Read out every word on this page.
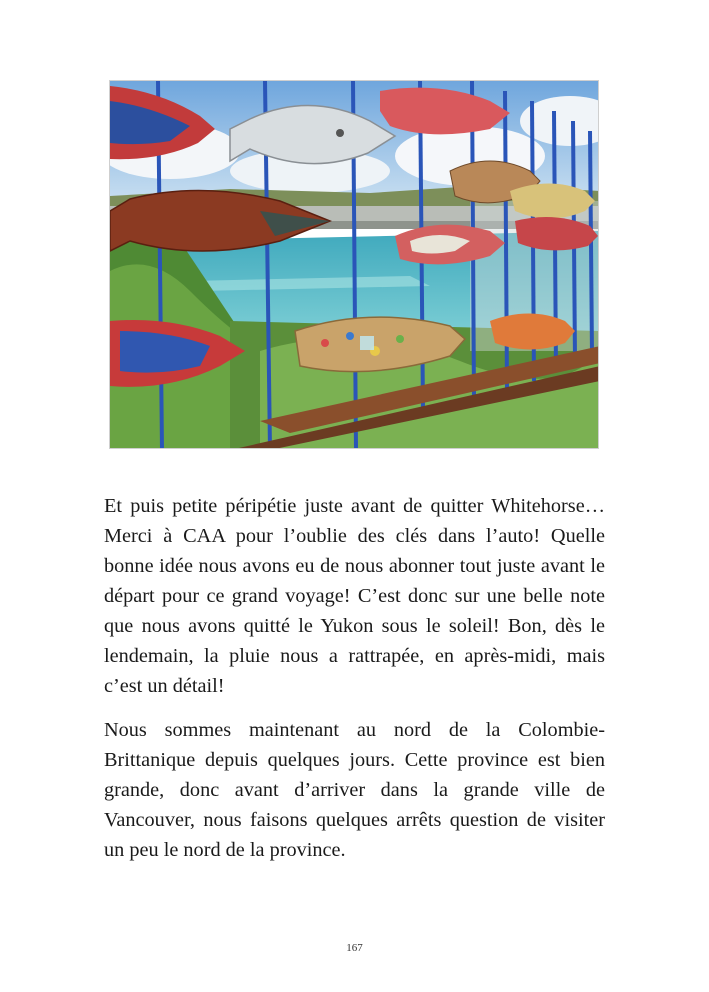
Et puis petite péripétie juste avant de quitter Whitehorse… Merci à CAA pour l’oublie des clés dans l’auto! Quelle bonne idée nous avons eu de nous abonner tout juste avant le départ pour ce grand voyage! C’est donc sur une belle note que nous avons quitté le Yukon sous le soleil! Bon, dès le lendemain, la pluie nous a rattrapée, en après-midi, mais c’est un détail!

Nous sommes maintenant au nord de la Colombie-Brittanique depuis quelques jours. Cette province est bien grande, donc avant d’arriver dans la grande ville de Vancouver, nous faisons quelques arrêts question de visiter un peu le nord de la province.

167
